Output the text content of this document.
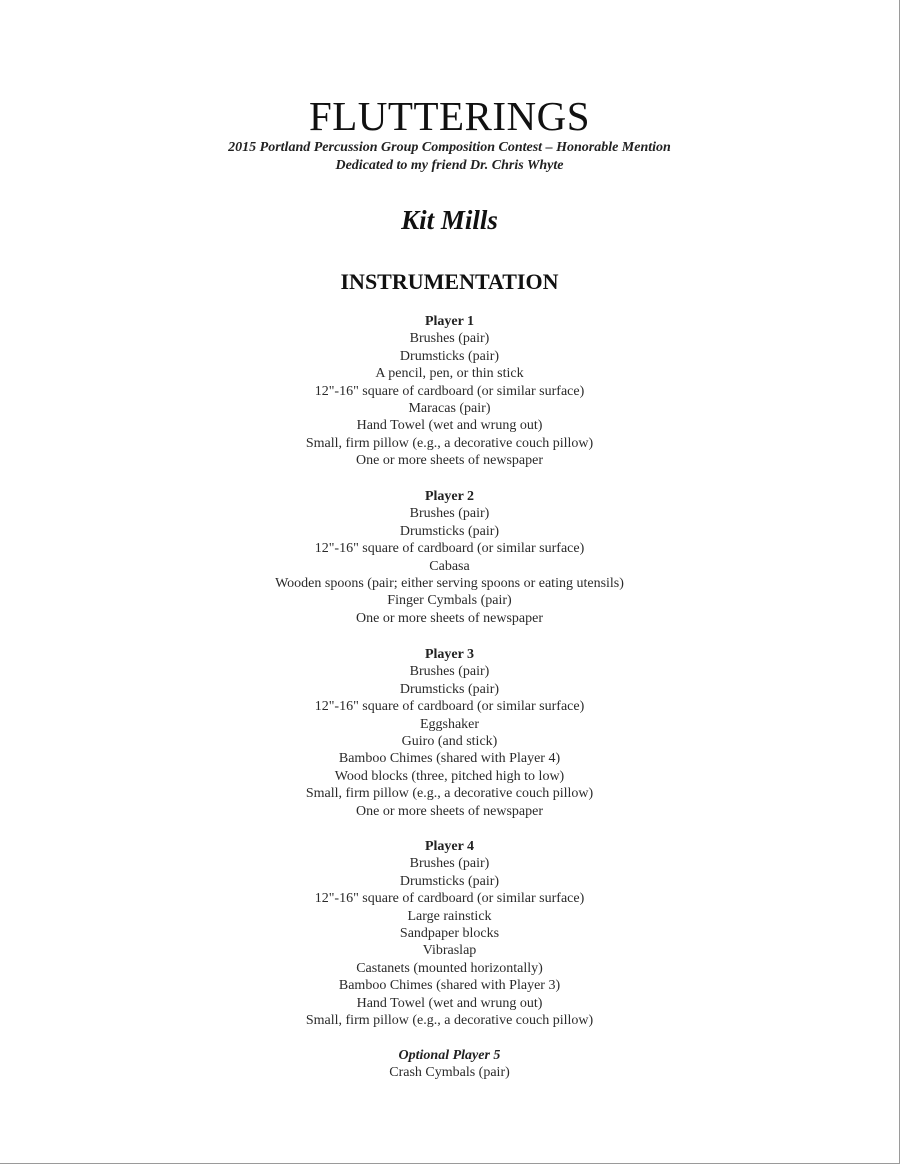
FLUTTERINGS
2015 Portland Percussion Group Composition Contest – Honorable Mention
Dedicated to my friend Dr. Chris Whyte
Kit Mills
INSTRUMENTATION
Player 1
Brushes (pair)
Drumsticks (pair)
A pencil, pen, or thin stick
12"-16" square of cardboard (or similar surface)
Maracas (pair)
Hand Towel (wet and wrung out)
Small, firm pillow (e.g., a decorative couch pillow)
One or more sheets of newspaper
Player 2
Brushes (pair)
Drumsticks (pair)
12"-16" square of cardboard (or similar surface)
Cabasa
Wooden spoons (pair; either serving spoons or eating utensils)
Finger Cymbals (pair)
One or more sheets of newspaper
Player 3
Brushes (pair)
Drumsticks (pair)
12"-16" square of cardboard (or similar surface)
Eggshaker
Guiro (and stick)
Bamboo Chimes (shared with Player 4)
Wood blocks (three, pitched high to low)
Small, firm pillow (e.g., a decorative couch pillow)
One or more sheets of newspaper
Player 4
Brushes (pair)
Drumsticks (pair)
12"-16" square of cardboard (or similar surface)
Large rainstick
Sandpaper blocks
Vibraslap
Castanets (mounted horizontally)
Bamboo Chimes (shared with Player 3)
Hand Towel (wet and wrung out)
Small, firm pillow (e.g., a decorative couch pillow)
Optional Player 5
Crash Cymbals (pair)
